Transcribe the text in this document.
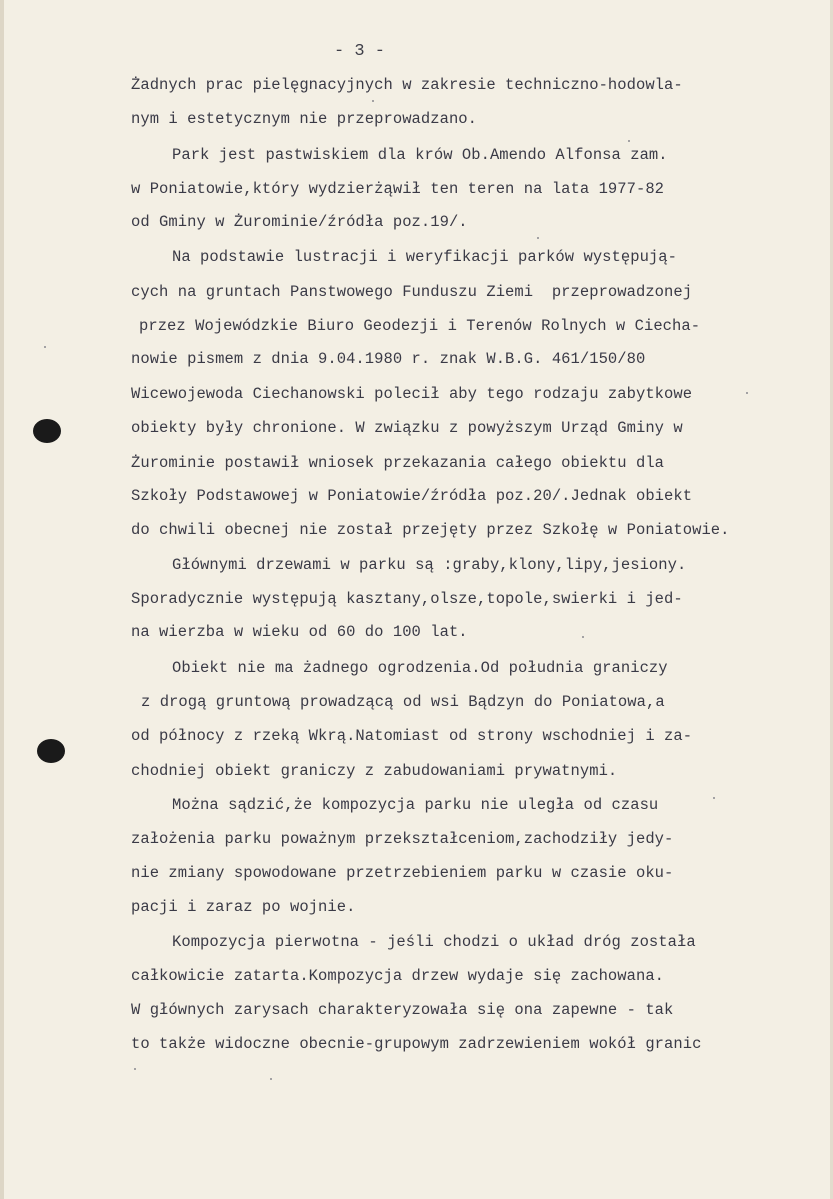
- 3 -
Żadnych prac pielęgnacyjnych w zakresie techniczno-hodowla-
nym i estetycznym nie przeprowadzano.
Park jest pastwiskiem dla krów Ob.Amendo Alfonsa zam.
w Poniatowie,który wydzierżąwił ten teren na lata 1977-82
od Gminy w Żurominie/źródła poz.19/.
Na podstawie lustracji i weryfikacji parków występują-
cych na gruntach Panstwowego Funduszu Ziemi  przeprowadzonej
przez Wojewódzkie Biuro Geodezji i Terenów Rolnych w Ciecha-
nowie pismem z dnia 9.04.1980 r. znak W.B.G. 461/150/80
Wicewojewoda Ciechanowski polecił aby tego rodzaju zabytkowe
obiekty były chronione. W związku z powyższym Urząd Gminy w
Żurominie postawił wniosek przekazania całego obiektu dla
Szkoły Podstawowej w Poniatowie/źródła poz.20/.Jednak obiekt
do chwili obecnej nie został przejęty przez Szkołę w Poniatowie.
Głównymi drzewami w parku są :graby,klony,lipy,jesiony.
Sporadycznie występują kasztany,olsze,topole,swierki i jed-
na wierzba w wieku od 60 do 100 lat.
Obiekt nie ma żadnego ogrodzenia.Od południa graniczy
z drogą gruntową prowadzącą od wsi Bądzyn do Poniatowa,a
od północy z rzeką Wkrą.Natomiast od strony wschodniej i za-
chodniej obiekt graniczy z zabudowaniami prywatnymi.
Można sądzić,że kompozycja parku nie uległa od czasu
założenia parku poważnym przekształceniom,zachodziły jedy-
nie zmiany spowodowane przetrzebieniem parku w czasie oku-
pacji i zaraz po wojnie.
Kompozycja pierwotna - jeśli chodzi o układ dróg została
całkowicie zatarta.Kompozycja drzew wydaje się zachowana.
W głównych zarysach charakteryzowała się ona zapewne - tak
to także widoczne obecnie-grupowym zadrzewieniem wokół granic
